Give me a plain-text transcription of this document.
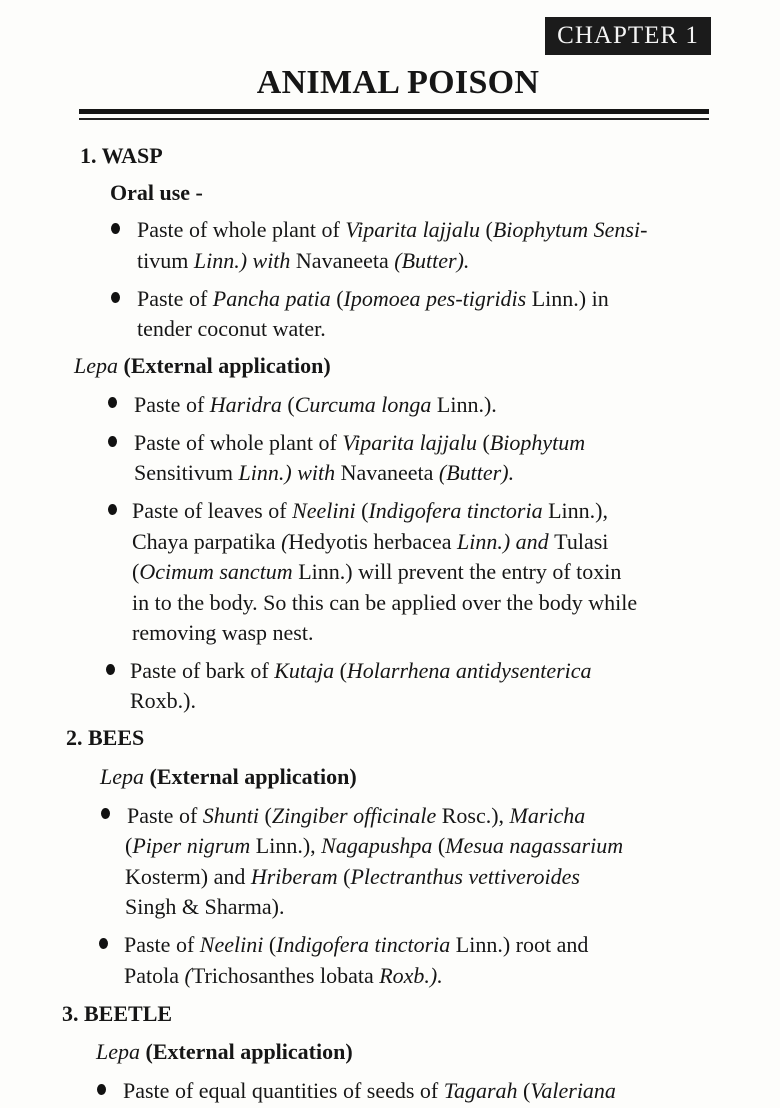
CHAPTER 1
ANIMAL POISON
1. WASP
Oral use -
Paste of whole plant of Viparita lajjalu (Biophytum Sensi-
tivum Linn.) with Navaneeta (Butter).
Paste of Pancha patia (Ipomoea pes-tigridis Linn.) in
tender coconut water.
Lepa (External application)
Paste of Haridra (Curcuma longa Linn.).
Paste of whole plant of Viparita lajjalu (Biophytum
Sensitivum Linn.) with Navaneeta (Butter).
Paste of leaves of Neelini (Indigofera tinctoria Linn.),
Chaya parpatika (Hedyotis herbacea Linn.) and Tulasi
(Ocimum sanctum Linn.) will prevent the entry of toxin
in to the body. So this can be applied over the body while
removing wasp nest.
Paste of bark of Kutaja (Holarrhena antidysenterica
Roxb.).
2. BEES
Lepa (External application)
Paste of Shunti (Zingiber officinale Rosc.), Maricha
(Piper nigrum Linn.), Nagapushpa (Mesua nagassarium
Kosterm) and Hriberam (Plectranthus vettiveroides
Singh & Sharma).
Paste of Neelini (Indigofera tinctoria Linn.) root and
Patola (Trichosanthes lobata Roxb.).
3. BEETLE
Lepa (External application)
Paste of equal quantities of seeds of Tagarah (Valeriana
